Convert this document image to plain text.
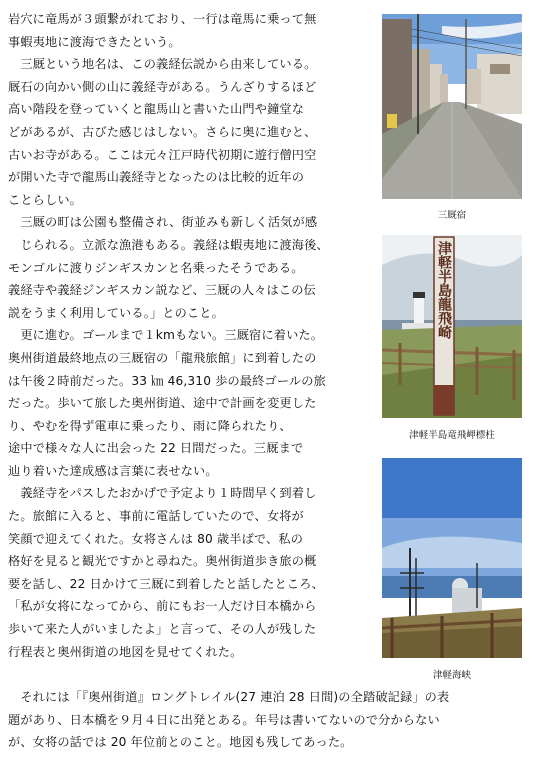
岩穴に竜馬が３頭繋がれており、一行は竜馬に乗って無

事蝦夷地に渡海できたという。

　三厩という地名は、この義経伝説から由来している。

厩石の向かい側の山に義経寺がある。うんざりするほど

高い階段を登っていくと龍馬山と書いた山門や鐘堂な

どがあるが、古びた感じはしない。さらに奥に進むと、

古いお寺がある。ここは元々江戸時代初期に遊行僧円空

が開いた寺で龍馬山義経寺となったのは比較的近年の

ことらしい。

　三厩の町は公園も整備され、街並みも新しく活気が感

　じられる。立派な漁港もある。義経は蝦夷地に渡海後、

モンゴルに渡りジンギスカンと名乗ったそうである。

義経寺や義経ジンギスカン説など、三厩の人々はこの伝

説をうまく利用している。」とのこと。

　更に進む。ゴールまで１kmもない。三厩宿に着いた。

奥州街道最終地点の三厩宿の「龍飛旅館」に到着したの

は午後２時前だった。33 ㎞ 46,310 歩の最終ゴールの旅

だった。歩いて旅した奥州街道、途中で計画を変更した

り、やむを得ず電車に乗ったり、雨に降られたり、

途中で様々な人に出会った 22 日間だった。三厩まで

辿り着いた達成感は言葉に表せない。

　義経寺をパスしたおかげで予定より１時間早く到着し

た。旅館に入ると、事前に電話していたので、女将が

笑顔で迎えてくれた。女将さんは 80 歳半ばで、私の

格好を見ると観光ですかと尋ねた。奥州街道歩き旅の概

要を話し、22 日かけて三厩に到着したと話したところ、

「私が女将になってから、前にもお一人だけ日本橋から

歩いて来た人がいましたよ」と言って、その人が残した

行程表と奥州街道の地図を見せてくれた。

三厩宿
津軽半島龍飛崎
津軽半島竜飛岬標柱
津軽海峡

　それには「『奥州街道』ロングトレイル(27 連泊 28 日間)の全踏破記録」の表

題があり、日本橋を９月４日に出発とある。年号は書いてないので分からない

が、女将の話では 20 年位前とのこと。地図も残してあった。
